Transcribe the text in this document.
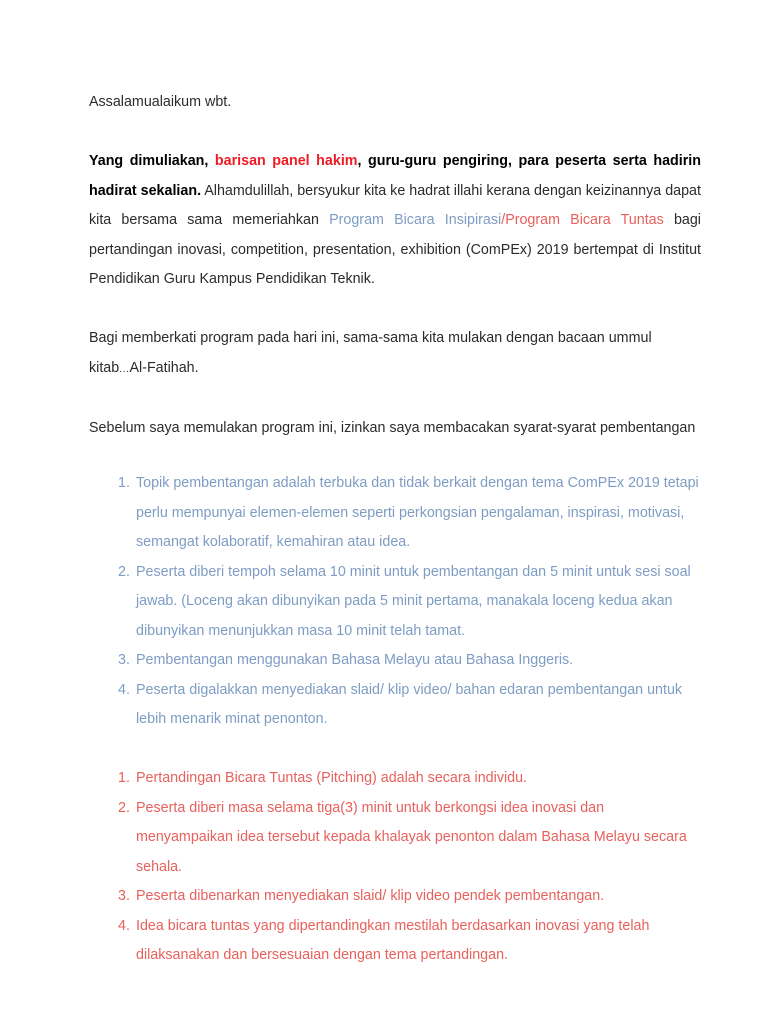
Assalamualaikum wbt.

Yang dimuliakan, barisan panel hakim, guru-guru pengiring, para peserta serta hadirin hadirat sekalian. Alhamdulillah, bersyukur kita ke hadrat illahi kerana dengan keizinannya dapat kita bersama sama memeriahkan Program Bicara Insipirasi/Program Bicara Tuntas bagi pertandingan inovasi, competition, presentation, exhibition (ComPEx) 2019 bertempat di Institut Pendidikan Guru Kampus Pendidikan Teknik.

Bagi memberkati program pada hari ini, sama-sama kita mulakan dengan bacaan ummul kitab...Al-Fatihah.

Sebelum saya memulakan program ini, izinkan saya membacakan syarat-syarat pembentangan

1. Topik pembentangan adalah terbuka dan tidak berkait dengan tema ComPEx 2019 tetapi perlu mempunyai elemen-elemen seperti perkongsian pengalaman, inspirasi, motivasi, semangat kolaboratif, kemahiran atau idea.
2. Peserta diberi tempoh selama 10 minit untuk pembentangan dan 5 minit untuk sesi soal jawab. (Loceng akan dibunyikan pada 5 minit pertama, manakala loceng kedua akan dibunyikan menunjukkan masa 10 minit telah tamat.
3. Pembentangan menggunakan Bahasa Melayu atau Bahasa Inggeris.
4. Peserta digalakkan menyediakan slaid/ klip video/ bahan edaran pembentangan untuk lebih menarik minat penonton.
1. Pertandingan Bicara Tuntas (Pitching) adalah secara individu.
2. Peserta diberi masa selama tiga(3) minit untuk berkongsi idea inovasi dan menyampaikan idea tersebut kepada khalayak penonton dalam Bahasa Melayu secara sehala.
3. Peserta dibenarkan menyediakan slaid/ klip video pendek pembentangan.
4. Idea bicara tuntas yang dipertandingkan mestilah berdasarkan inovasi yang telah dilaksanakan dan bersesuaian dengan tema pertandingan.
